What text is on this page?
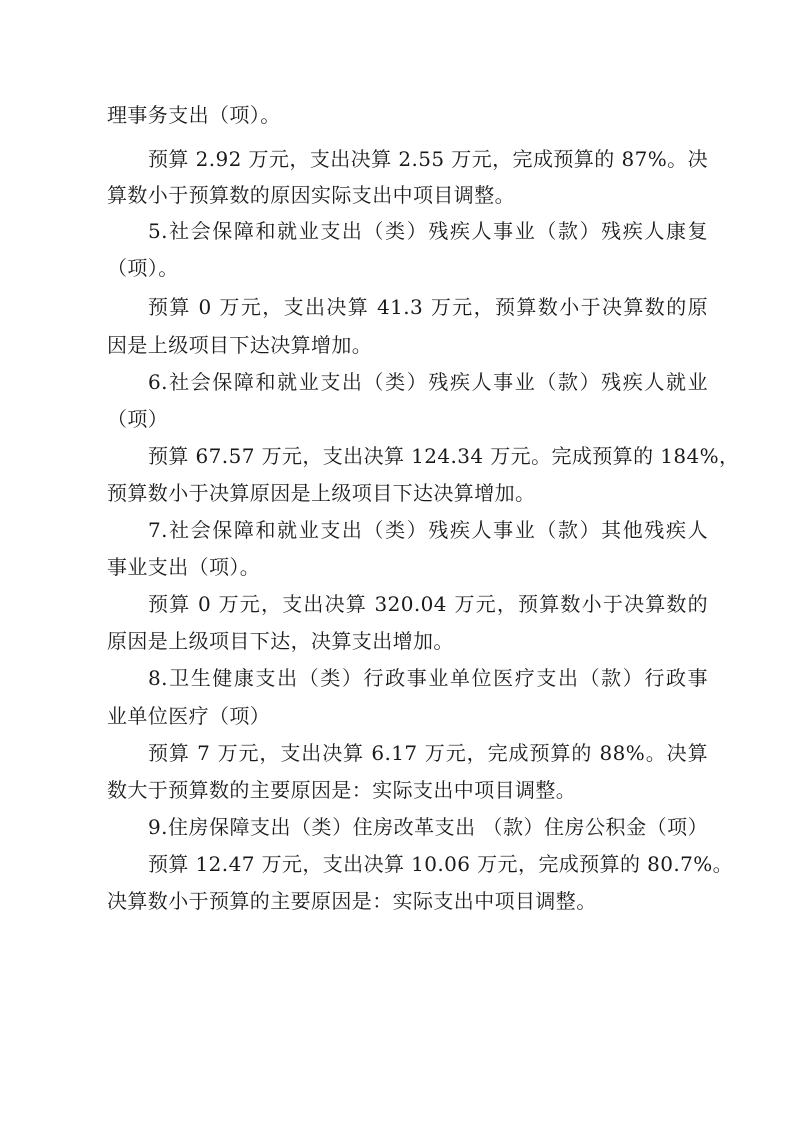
理事务支出（项）。
预算 2.92 万元，支出决算 2.55 万元，完成预算的 87%。决
算数小于预算数的原因实际支出中项目调整。
5.社会保障和就业支出（类）残疾人事业（款）残疾人康复
（项）。
预算 0 万元，支出决算 41.3 万元，预算数小于决算数的原
因是上级项目下达决算增加。
6.社会保障和就业支出（类）残疾人事业（款）残疾人就业
（项）
预算 67.57 万元，支出决算 124.34 万元。完成预算的 184%，
预算数小于决算原因是上级项目下达决算增加。
7.社会保障和就业支出（类）残疾人事业（款）其他残疾人
事业支出（项）。
预算 0 万元，支出决算 320.04 万元，预算数小于决算数的
原因是上级项目下达，决算支出增加。
8.卫生健康支出（类）行政事业单位医疗支出（款）行政事
业单位医疗（项）
预算 7 万元，支出决算 6.17 万元，完成预算的 88%。决算
数大于预算数的主要原因是：实际支出中项目调整。
9.住房保障支出（类）住房改革支出 （款）住房公积金（项）
预算 12.47 万元，支出决算 10.06 万元，完成预算的 80.7%。
决算数小于预算的主要原因是：实际支出中项目调整。
